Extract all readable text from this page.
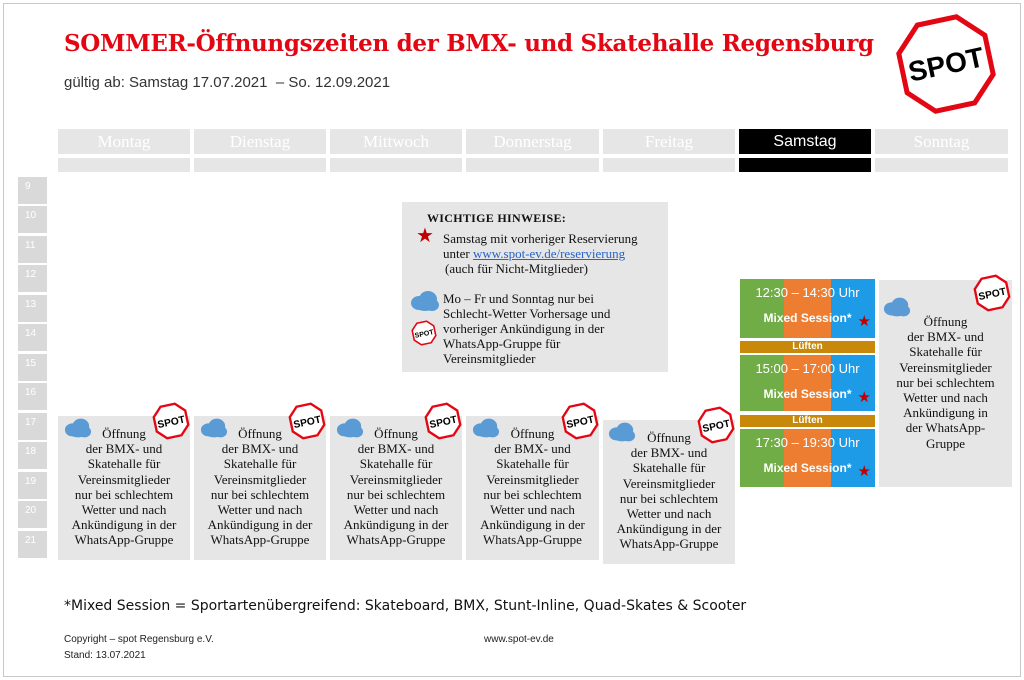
SOMMER-Öffnungszeiten der BMX- und Skatehalle Regensburg
gültig ab: Samstag 17.07.2021  – So. 12.09.2021	SPOT
Montag	Dienstag	Mittwoch	Donnerstag	Freitag	Samstag	Sonntag
9
10
11
12
13
14
15
16
17
18
19
20
21
WICHTIGE HINWEISE:
★ Samstag mit vorheriger Reservierung
unter www.spot-ev.de/reservierung
(auch für Nicht-Mitglieder)
SPOT
Mo – Fr und Sonntag nur bei
Schlecht-Wetter Vorhersage und
vorheriger Ankündigung in der
WhatsApp-Gruppe für
Vereinsmitglieder
SPOT
Öffnung
der BMX- und
Skatehalle für
Vereinsmitglieder
nur bei schlechtem
Wetter und nach
Ankündigung in der
WhatsApp-Gruppe
SPOT
Öffnung
der BMX- und
Skatehalle für
Vereinsmitglieder
nur bei schlechtem
Wetter und nach
Ankündigung in der
WhatsApp-Gruppe
SPOT
Öffnung
der BMX- und
Skatehalle für
Vereinsmitglieder
nur bei schlechtem
Wetter und nach
Ankündigung in der
WhatsApp-Gruppe
SPOT
Öffnung
der BMX- und
Skatehalle für
Vereinsmitglieder
nur bei schlechtem
Wetter und nach
Ankündigung in der
WhatsApp-Gruppe
SPOT
Öffnung
der BMX- und
Skatehalle für
Vereinsmitglieder
nur bei schlechtem
Wetter und nach
Ankündigung in der
WhatsApp-Gruppe
SPOT
Öffnung
der BMX- und
Skatehalle für
Vereinsmitglieder
nur bei schlechtem
Wetter und nach
Ankündigung in
der WhatsApp-
Gruppe
12:30 – 14:30 Uhr
Mixed Session* ★
Lüften
15:00 – 17:00 Uhr
Mixed Session* ★
Lüften
17:30 – 19:30 Uhr
Mixed Session* ★
*Mixed Session = Sportartenübergreifend: Skateboard, BMX, Stunt-Inline, Quad-Skates & Scooter
Copyright – spot Regensburg e.V.
Stand: 13.07.2021
www.spot-ev.de
